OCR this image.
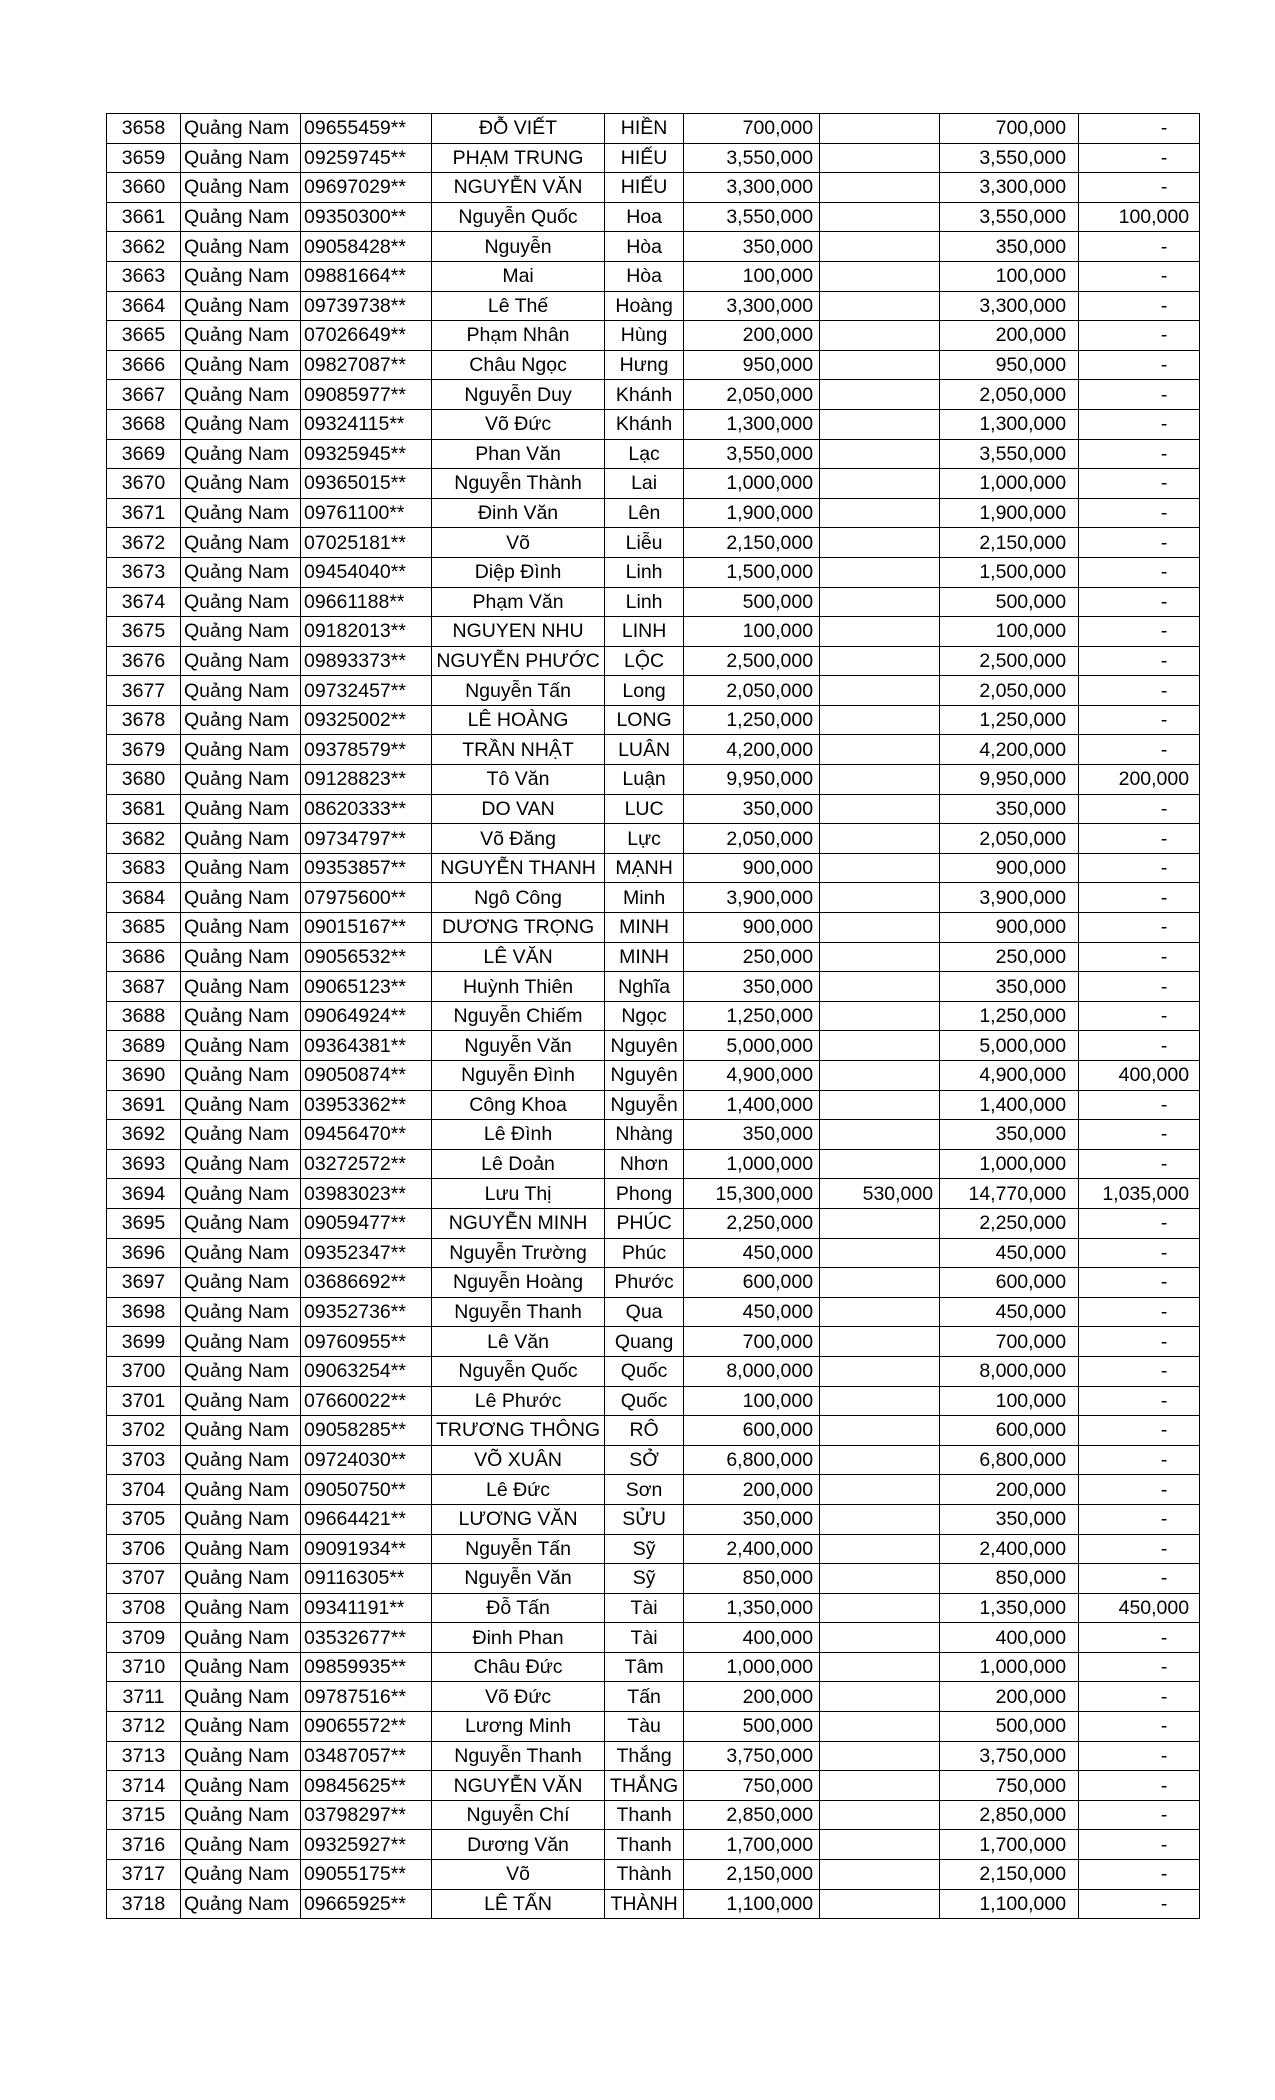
3658	Quảng Nam	09655459**	ĐỖ VIẾT	HIỀN	700,000		700,000	-
3659	Quảng Nam	09259745**	PHẠM TRUNG	HIẾU	3,550,000		3,550,000	-
3660	Quảng Nam	09697029**	NGUYỄN VĂN	HIẾU	3,300,000		3,300,000	-
3661	Quảng Nam	09350300**	Nguyễn Quốc	Hoa	3,550,000		3,550,000	100,000
3662	Quảng Nam	09058428**	Nguyễn	Hòa	350,000		350,000	-
3663	Quảng Nam	09881664**	Mai	Hòa	100,000		100,000	-
3664	Quảng Nam	09739738**	Lê Thế	Hoàng	3,300,000		3,300,000	-
3665	Quảng Nam	07026649**	Phạm Nhân	Hùng	200,000		200,000	-
3666	Quảng Nam	09827087**	Châu Ngọc	Hưng	950,000		950,000	-
3667	Quảng Nam	09085977**	Nguyễn Duy	Khánh	2,050,000		2,050,000	-
3668	Quảng Nam	09324115**	Võ Đức	Khánh	1,300,000		1,300,000	-
3669	Quảng Nam	09325945**	Phan Văn	Lạc	3,550,000		3,550,000	-
3670	Quảng Nam	09365015**	Nguyễn Thành	Lai	1,000,000		1,000,000	-
3671	Quảng Nam	09761100**	Đinh Văn	Lên	1,900,000		1,900,000	-
3672	Quảng Nam	07025181**	Võ	Liễu	2,150,000		2,150,000	-
3673	Quảng Nam	09454040**	Diệp Đình	Linh	1,500,000		1,500,000	-
3674	Quảng Nam	09661188**	Phạm Văn	Linh	500,000		500,000	-
3675	Quảng Nam	09182013**	NGUYEN NHU	LINH	100,000		100,000	-
3676	Quảng Nam	09893373**	NGUYỄN PHƯỚC	LỘC	2,500,000		2,500,000	-
3677	Quảng Nam	09732457**	Nguyễn Tấn	Long	2,050,000		2,050,000	-
3678	Quảng Nam	09325002**	LÊ HOÀNG	LONG	1,250,000		1,250,000	-
3679	Quảng Nam	09378579**	TRẦN NHẬT	LUÂN	4,200,000		4,200,000	-
3680	Quảng Nam	09128823**	Tô Văn	Luận	9,950,000		9,950,000	200,000
3681	Quảng Nam	08620333**	DO VAN	LUC	350,000		350,000	-
3682	Quảng Nam	09734797**	Võ Đăng	Lực	2,050,000		2,050,000	-
3683	Quảng Nam	09353857**	NGUYỄN THANH	MẠNH	900,000		900,000	-
3684	Quảng Nam	07975600**	Ngô Công	Minh	3,900,000		3,900,000	-
3685	Quảng Nam	09015167**	DƯƠNG TRỌNG	MINH	900,000		900,000	-
3686	Quảng Nam	09056532**	LÊ VĂN	MINH	250,000		250,000	-
3687	Quảng Nam	09065123**	Huỳnh Thiên	Nghĩa	350,000		350,000	-
3688	Quảng Nam	09064924**	Nguyễn Chiếm	Ngọc	1,250,000		1,250,000	-
3689	Quảng Nam	09364381**	Nguyễn Văn	Nguyên	5,000,000		5,000,000	-
3690	Quảng Nam	09050874**	Nguyễn Đình	Nguyên	4,900,000		4,900,000	400,000
3691	Quảng Nam	03953362**	Công Khoa	Nguyễn	1,400,000		1,400,000	-
3692	Quảng Nam	09456470**	Lê Đình	Nhàng	350,000		350,000	-
3693	Quảng Nam	03272572**	Lê Doản	Nhơn	1,000,000		1,000,000	-
3694	Quảng Nam	03983023**	Lưu Thị	Phong	15,300,000	530,000	14,770,000	1,035,000
3695	Quảng Nam	09059477**	NGUYỄN MINH	PHÚC	2,250,000		2,250,000	-
3696	Quảng Nam	09352347**	Nguyễn Trường	Phúc	450,000		450,000	-
3697	Quảng Nam	03686692**	Nguyễn Hoàng	Phước	600,000		600,000	-
3698	Quảng Nam	09352736**	Nguyễn Thanh	Qua	450,000		450,000	-
3699	Quảng Nam	09760955**	Lê Văn	Quang	700,000		700,000	-
3700	Quảng Nam	09063254**	Nguyễn Quốc	Quốc	8,000,000		8,000,000	-
3701	Quảng Nam	07660022**	Lê Phước	Quốc	100,000		100,000	-
3702	Quảng Nam	09058285**	TRƯƠNG THÔNG	RÔ	600,000		600,000	-
3703	Quảng Nam	09724030**	VÕ XUÂN	SỞ	6,800,000		6,800,000	-
3704	Quảng Nam	09050750**	Lê Đức	Sơn	200,000		200,000	-
3705	Quảng Nam	09664421**	LƯƠNG VĂN	SỬU	350,000		350,000	-
3706	Quảng Nam	09091934**	Nguyễn Tấn	Sỹ	2,400,000		2,400,000	-
3707	Quảng Nam	09116305**	Nguyễn Văn	Sỹ	850,000		850,000	-
3708	Quảng Nam	09341191**	Đỗ Tấn	Tài	1,350,000		1,350,000	450,000
3709	Quảng Nam	03532677**	Đinh Phan	Tài	400,000		400,000	-
3710	Quảng Nam	09859935**	Châu Đức	Tâm	1,000,000		1,000,000	-
3711	Quảng Nam	09787516**	Võ Đức	Tấn	200,000		200,000	-
3712	Quảng Nam	09065572**	Lương Minh	Tàu	500,000		500,000	-
3713	Quảng Nam	03487057**	Nguyễn Thanh	Thắng	3,750,000		3,750,000	-
3714	Quảng Nam	09845625**	NGUYỄN VĂN	THẮNG	750,000		750,000	-
3715	Quảng Nam	03798297**	Nguyễn Chí	Thanh	2,850,000		2,850,000	-
3716	Quảng Nam	09325927**	Dương Văn	Thanh	1,700,000		1,700,000	-
3717	Quảng Nam	09055175**	Võ	Thành	2,150,000		2,150,000	-
3718	Quảng Nam	09665925**	LÊ TẤN	THÀNH	1,100,000		1,100,000	-
